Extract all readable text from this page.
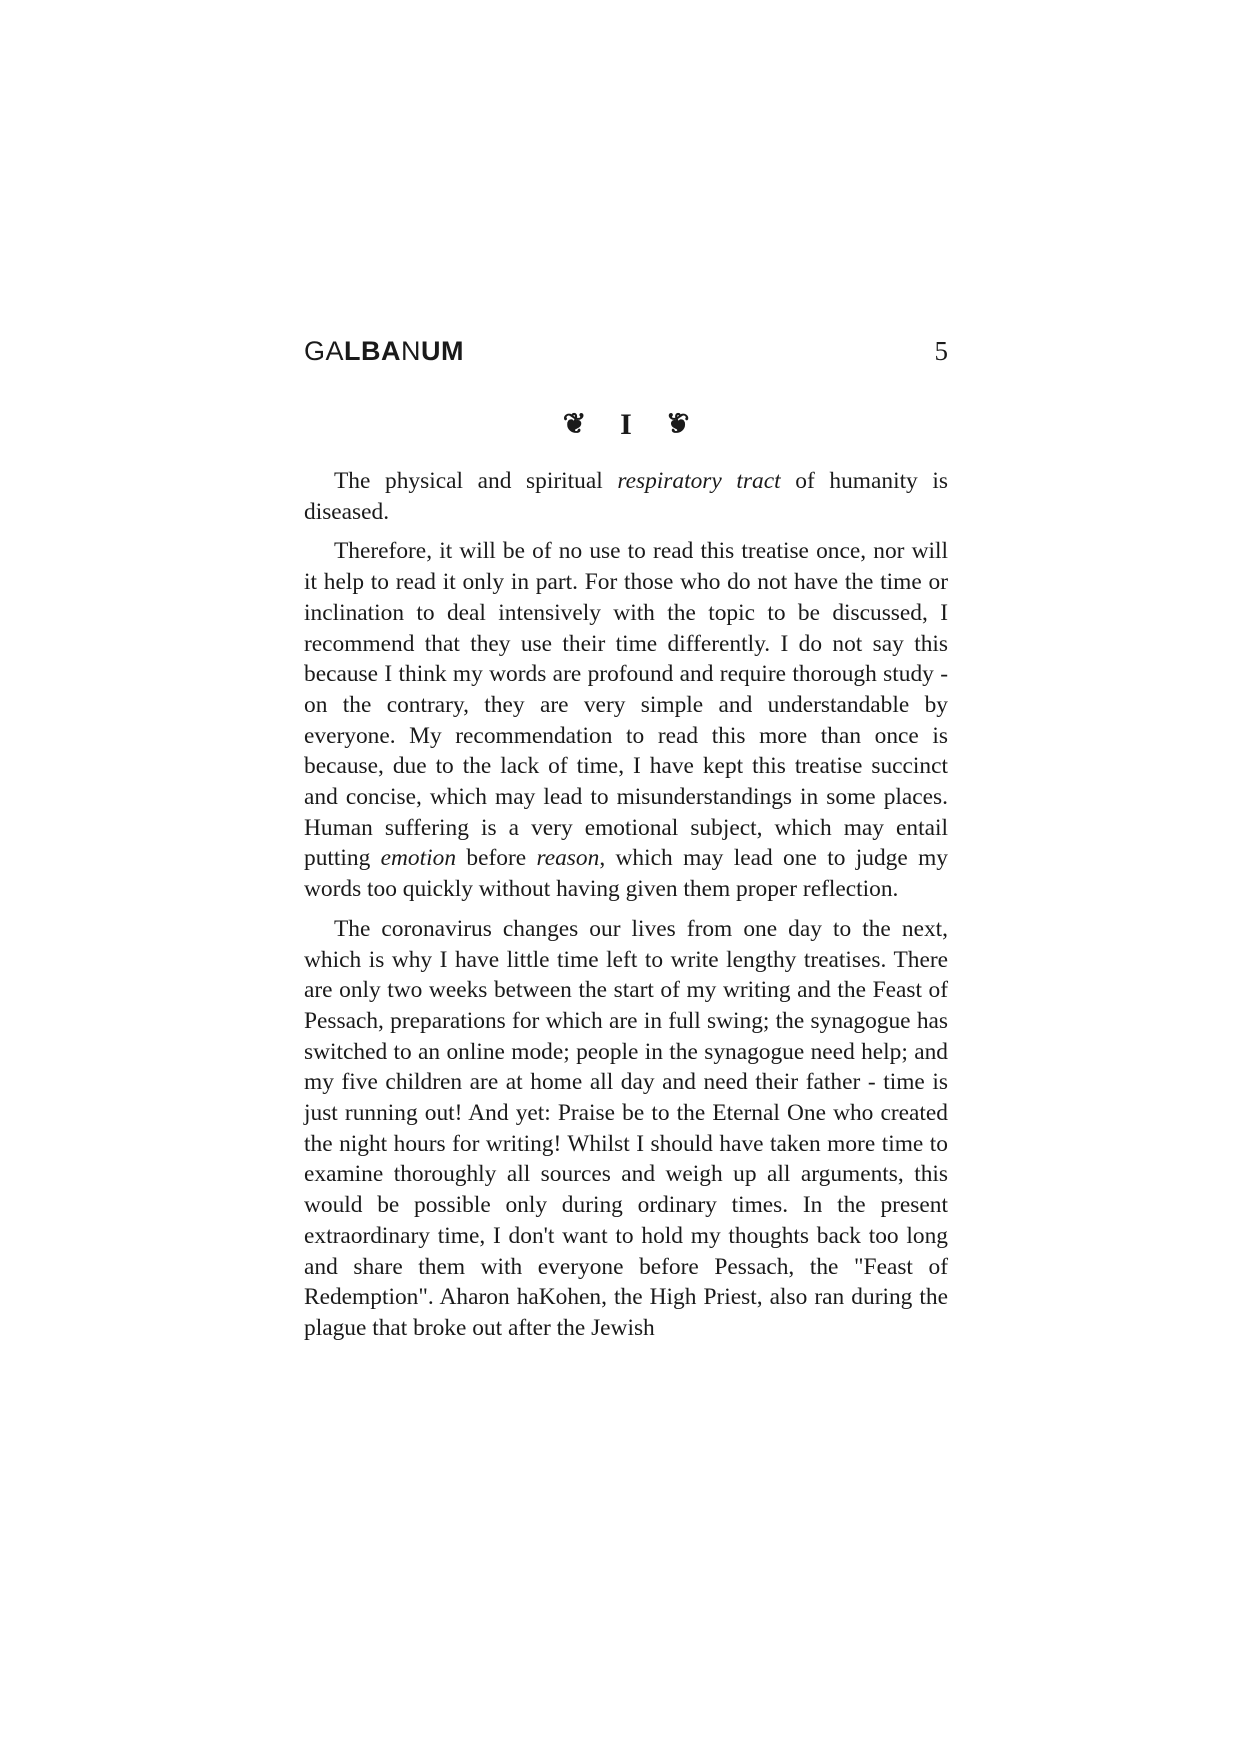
GALBANUM	5
❦ I ❦

The physical and spiritual respiratory tract of humanity is diseased.

Therefore, it will be of no use to read this treatise once, nor will it help to read it only in part. For those who do not have the time or inclination to deal intensively with the topic to be discussed, I recommend that they use their time differently. I do not say this because I think my words are profound and require thorough study - on the contrary, they are very simple and understandable by everyone. My recommendation to read this more than once is because, due to the lack of time, I have kept this treatise succinct and concise, which may lead to misunderstandings in some places. Human suffering is a very emotional subject, which may entail putting emotion before reason, which may lead one to judge my words too quickly without having given them proper reflection.

The coronavirus changes our lives from one day to the next, which is why I have little time left to write lengthy treatises. There are only two weeks between the start of my writing and the Feast of Pessach, preparations for which are in full swing; the synagogue has switched to an online mode; people in the synagogue need help; and my five children are at home all day and need their father - time is just running out! And yet: Praise be to the Eternal One who created the night hours for writing! Whilst I should have taken more time to examine thoroughly all sources and weigh up all arguments, this would be possible only during ordinary times. In the present extraordinary time, I don't want to hold my thoughts back too long and share them with everyone before Pessach, the "Feast of Redemption". Aharon haKohen, the High Priest, also ran during the plague that broke out after the Jewish
